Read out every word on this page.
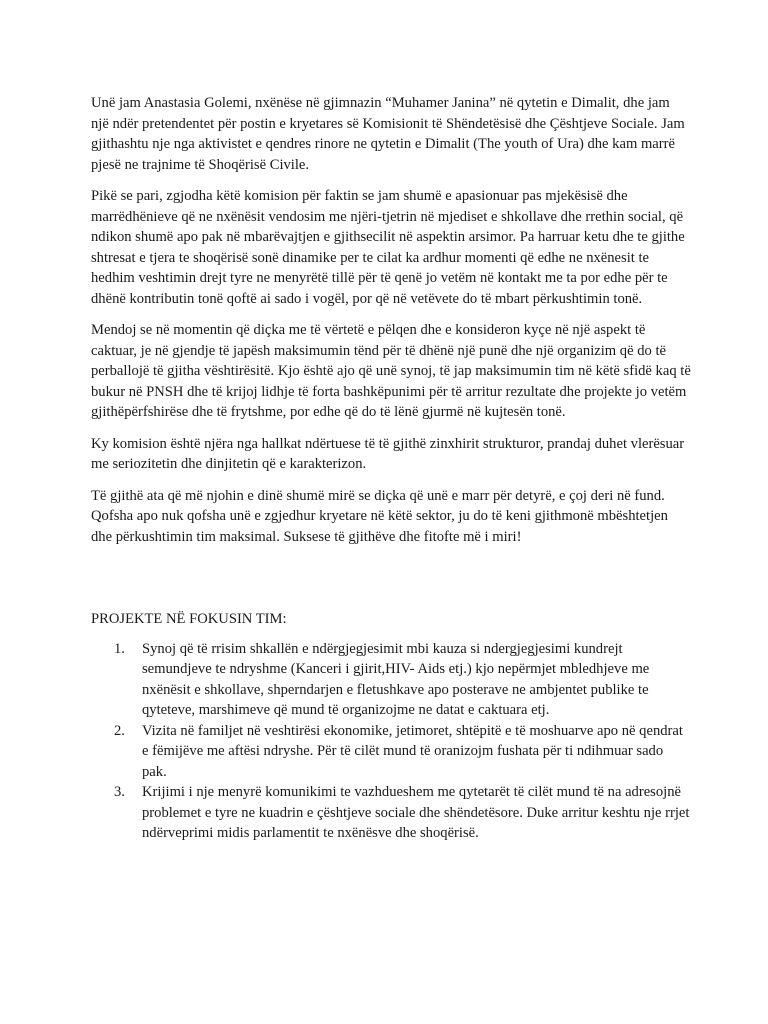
Unë jam Anastasia Golemi, nxënëse në gjimnazin “Muhamer Janina” në qytetin e Dimalit, dhe jam një ndër pretendentet për postin e kryetares së Komisionit të Shëndetësisë dhe Çështjeve Sociale. Jam gjithashtu nje nga aktivistet e qendres rinore ne qytetin e Dimalit (The youth of Ura) dhe kam marrë pjesë ne trajnime të Shoqërisë Civile.

Pikë se pari, zgjodha këtë komision për faktin se jam shumë e apasionuar pas mjekësisë dhe marrëdhënieve që ne nxënësit vendosim me njëri-tjetrin në mjediset e shkollave dhe rrethin social, që ndikon shumë apo pak në mbarëvajtjen e gjithsecilit në aspektin arsimor. Pa harruar ketu dhe te gjithe shtresat e tjera te shoqërisë sonë dinamike per te cilat ka ardhur momenti që edhe ne nxënesit te hedhim veshtimin drejt tyre ne menyrëtë tillë për të qenë jo vetëm në kontakt me ta por edhe për te dhënë kontributin tonë qoftë ai sado i vogël, por që në vetëvete do të mbart përkushtimin tonë.

Mendoj se në momentin që diçka me të vërtetë e pëlqen dhe e konsideron kyçe në një aspekt të caktuar, je në gjendje të japësh maksimumin tënd për të dhënë një punë dhe një organizim që do të perballojë të gjitha vështirësitë. Kjo është ajo që unë synoj, të jap maksimumin tim në këtë sfidë kaq të bukur në PNSH dhe të krijoj lidhje të forta bashkëpunimi për të arritur rezultate dhe projekte jo vetëm gjithëpërfshirëse dhe të frytshme, por edhe që do të lënë gjurmë në kujtesën tonë.

Ky komision është njëra nga hallkat ndërtuese të të gjithë zinxhirit strukturor, prandaj duhet vlerësuar me seriozitetin dhe dinjitetin që e karakterizon.

Të gjithë ata që më njohin e dinë shumë mirë se diçka që unë e marr për detyrë, e çoj deri në fund. Qofsha apo nuk qofsha unë e zgjedhur kryetare në këtë sektor, ju do të keni gjithmonë mbështetjen dhe përkushtimin tim maksimal. Suksese të gjithëve dhe fitofte më i miri!

PROJEKTE NË FOKUSIN TIM:

1. Synoj që të rrisim shkallën e ndërgjegjesimit mbi kauza si ndergjegjesimi kundrejt semundjeve te ndryshme (Kanceri i gjirit,HIV- Aids etj.) kjo nepërmjet mbledhjeve me nxënësit e shkollave, shperndarjen e fletushkave apo posterave ne ambjentet publike te qyteteve, marshimeve që mund të organizojme ne datat e caktuara etj.
2. Vizita në familjet në veshtirësi ekonomike, jetimoret, shtëpitë e të moshuarve apo në qendrat e fëmijëve me aftësi ndryshe. Për të cilët mund të oranizojm fushata për ti ndihmuar sado pak.
3. Krijimi i nje menyrë komunikimi te vazhdueshem me qytetarët të cilët mund të na adresojnë problemet e tyre ne kuadrin e çështjeve sociale dhe shëndetësore. Duke arritur keshtu nje rrjet ndërveprimi midis parlamentit te nxënësve dhe shoqërisë.
